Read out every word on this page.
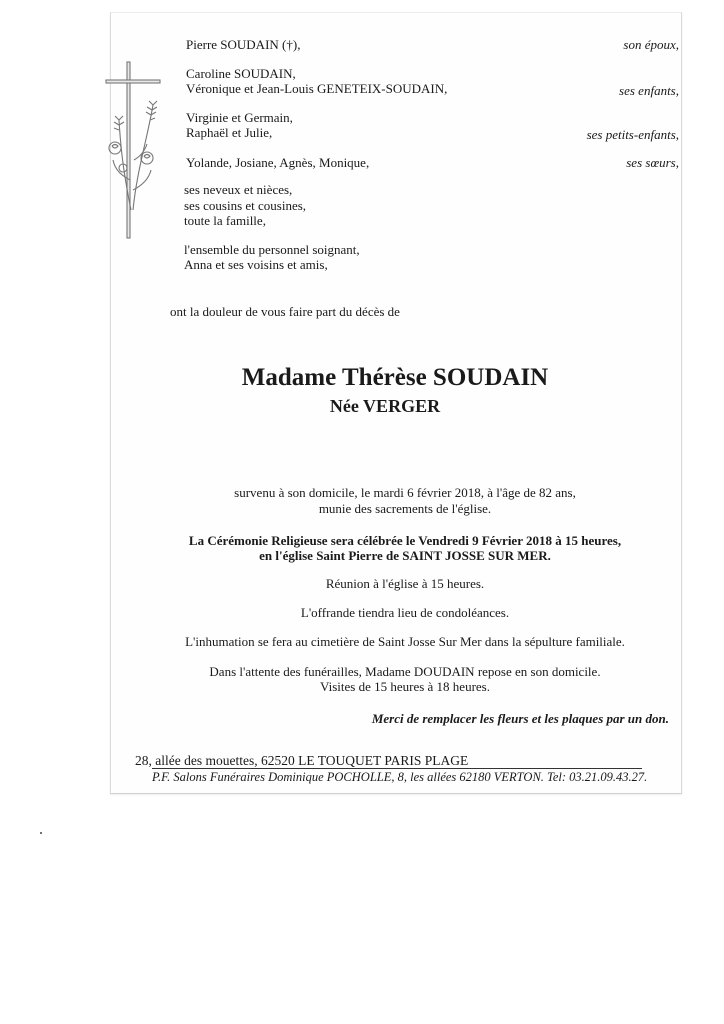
Pierre SOUDAIN (†),	son époux,
Caroline SOUDAIN,
Véronique et Jean-Louis GENETEIX-SOUDAIN,	ses enfants,
Virginie et Germain,
Raphaël et Julie,	ses petits-enfants,
Yolande, Josiane, Agnès, Monique,	ses sœurs,
ses neveux et nièces,
ses cousins et cousines,
toute la famille,
l'ensemble du personnel soignant,
Anna et ses voisins et amis,
ont la douleur de vous faire part du décès de
Madame Thérèse SOUDAIN
Née VERGER
survenu à son domicile, le mardi 6 février 2018, à l'âge de 82 ans,
munie des sacrements de l'église.
La Cérémonie Religieuse sera célébrée le Vendredi 9 Février 2018 à 15 heures,
en l'église Saint Pierre de SAINT JOSSE SUR MER.
Réunion à l'église à 15 heures.
L'offrande tiendra lieu de condoléances.
L'inhumation se fera au cimetière de Saint Josse Sur Mer dans la sépulture familiale.
Dans l'attente des funérailles, Madame DOUDAIN repose en son domicile.
Visites de 15 heures à 18 heures.
Merci de remplacer les fleurs et les plaques par un don.
28, allée des mouettes, 62520 LE TOUQUET PARIS PLAGE
P.F. Salons Funéraires Dominique POCHOLLE, 8, les allées 62180 VERTON. Tel: 03.21.09.43.27.
